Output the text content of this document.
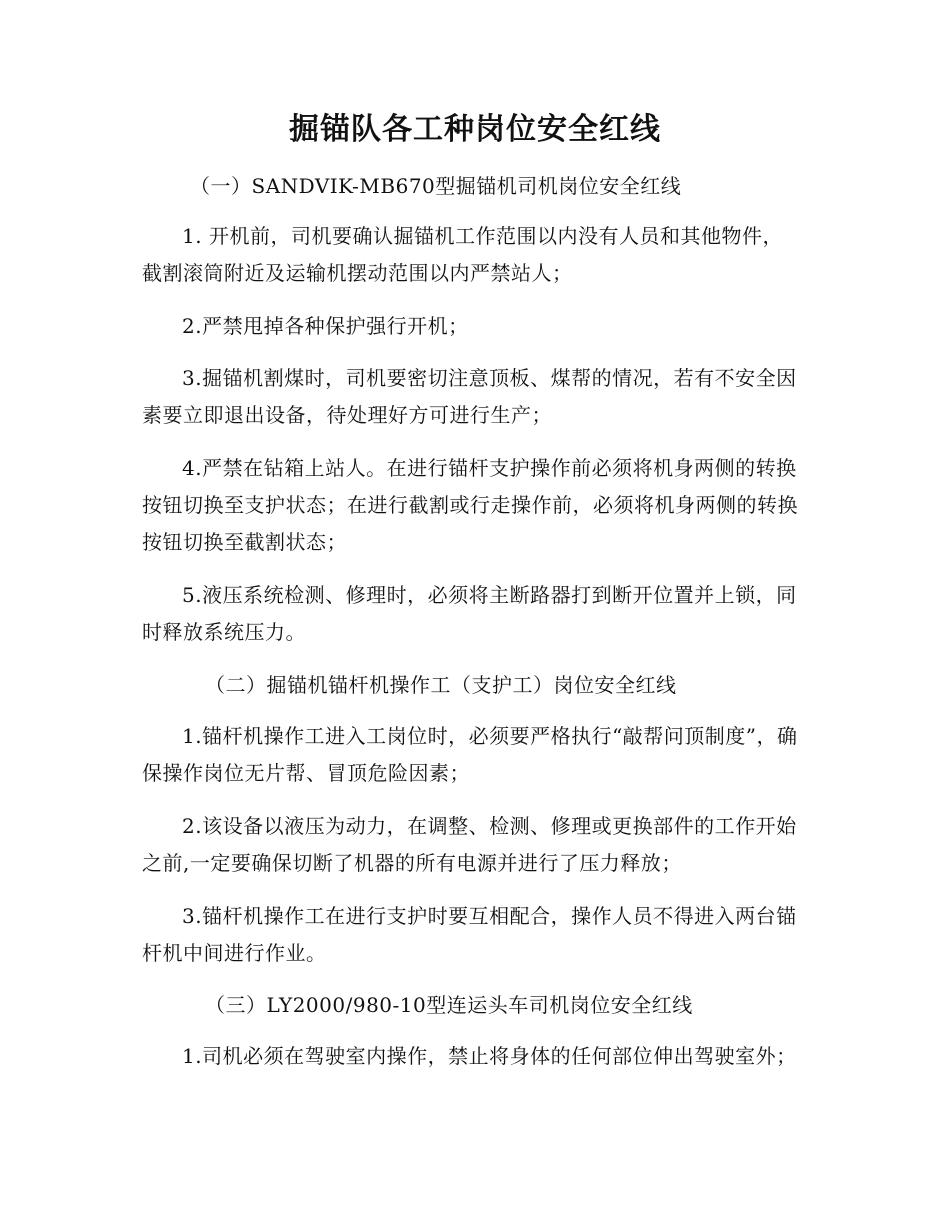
掘锚队各工种岗位安全红线

（一）SANDVIK-MB670型掘锚机司机岗位安全红线

1. 开机前，司机要确认掘锚机工作范围以内没有人员和其他物件，截割滚筒附近及运输机摆动范围以内严禁站人；

2.严禁甩掉各种保护强行开机；

3.掘锚机割煤时，司机要密切注意顶板、煤帮的情况，若有不安全因素要立即退出设备，待处理好方可进行生产；

4.严禁在钻箱上站人。在进行锚杆支护操作前必须将机身两侧的转换按钮切换至支护状态；在进行截割或行走操作前，必须将机身两侧的转换按钮切换至截割状态；

5.液压系统检测、修理时，必须将主断路器打到断开位置并上锁，同时释放系统压力。

（二）掘锚机锚杆机操作工（支护工）岗位安全红线

1.锚杆机操作工进入工岗位时，必须要严格执行“敲帮问顶制度”，确保操作岗位无片帮、冒顶危险因素；

2.该设备以液压为动力，在调整、检测、修理或更换部件的工作开始之前,一定要确保切断了机器的所有电源并进行了压力释放；

3.锚杆机操作工在进行支护时要互相配合，操作人员不得进入两台锚杆机中间进行作业。

（三）LY2000/980-10型连运头车司机岗位安全红线

1.司机必须在驾驶室内操作，禁止将身体的任何部位伸出驾驶室外；
